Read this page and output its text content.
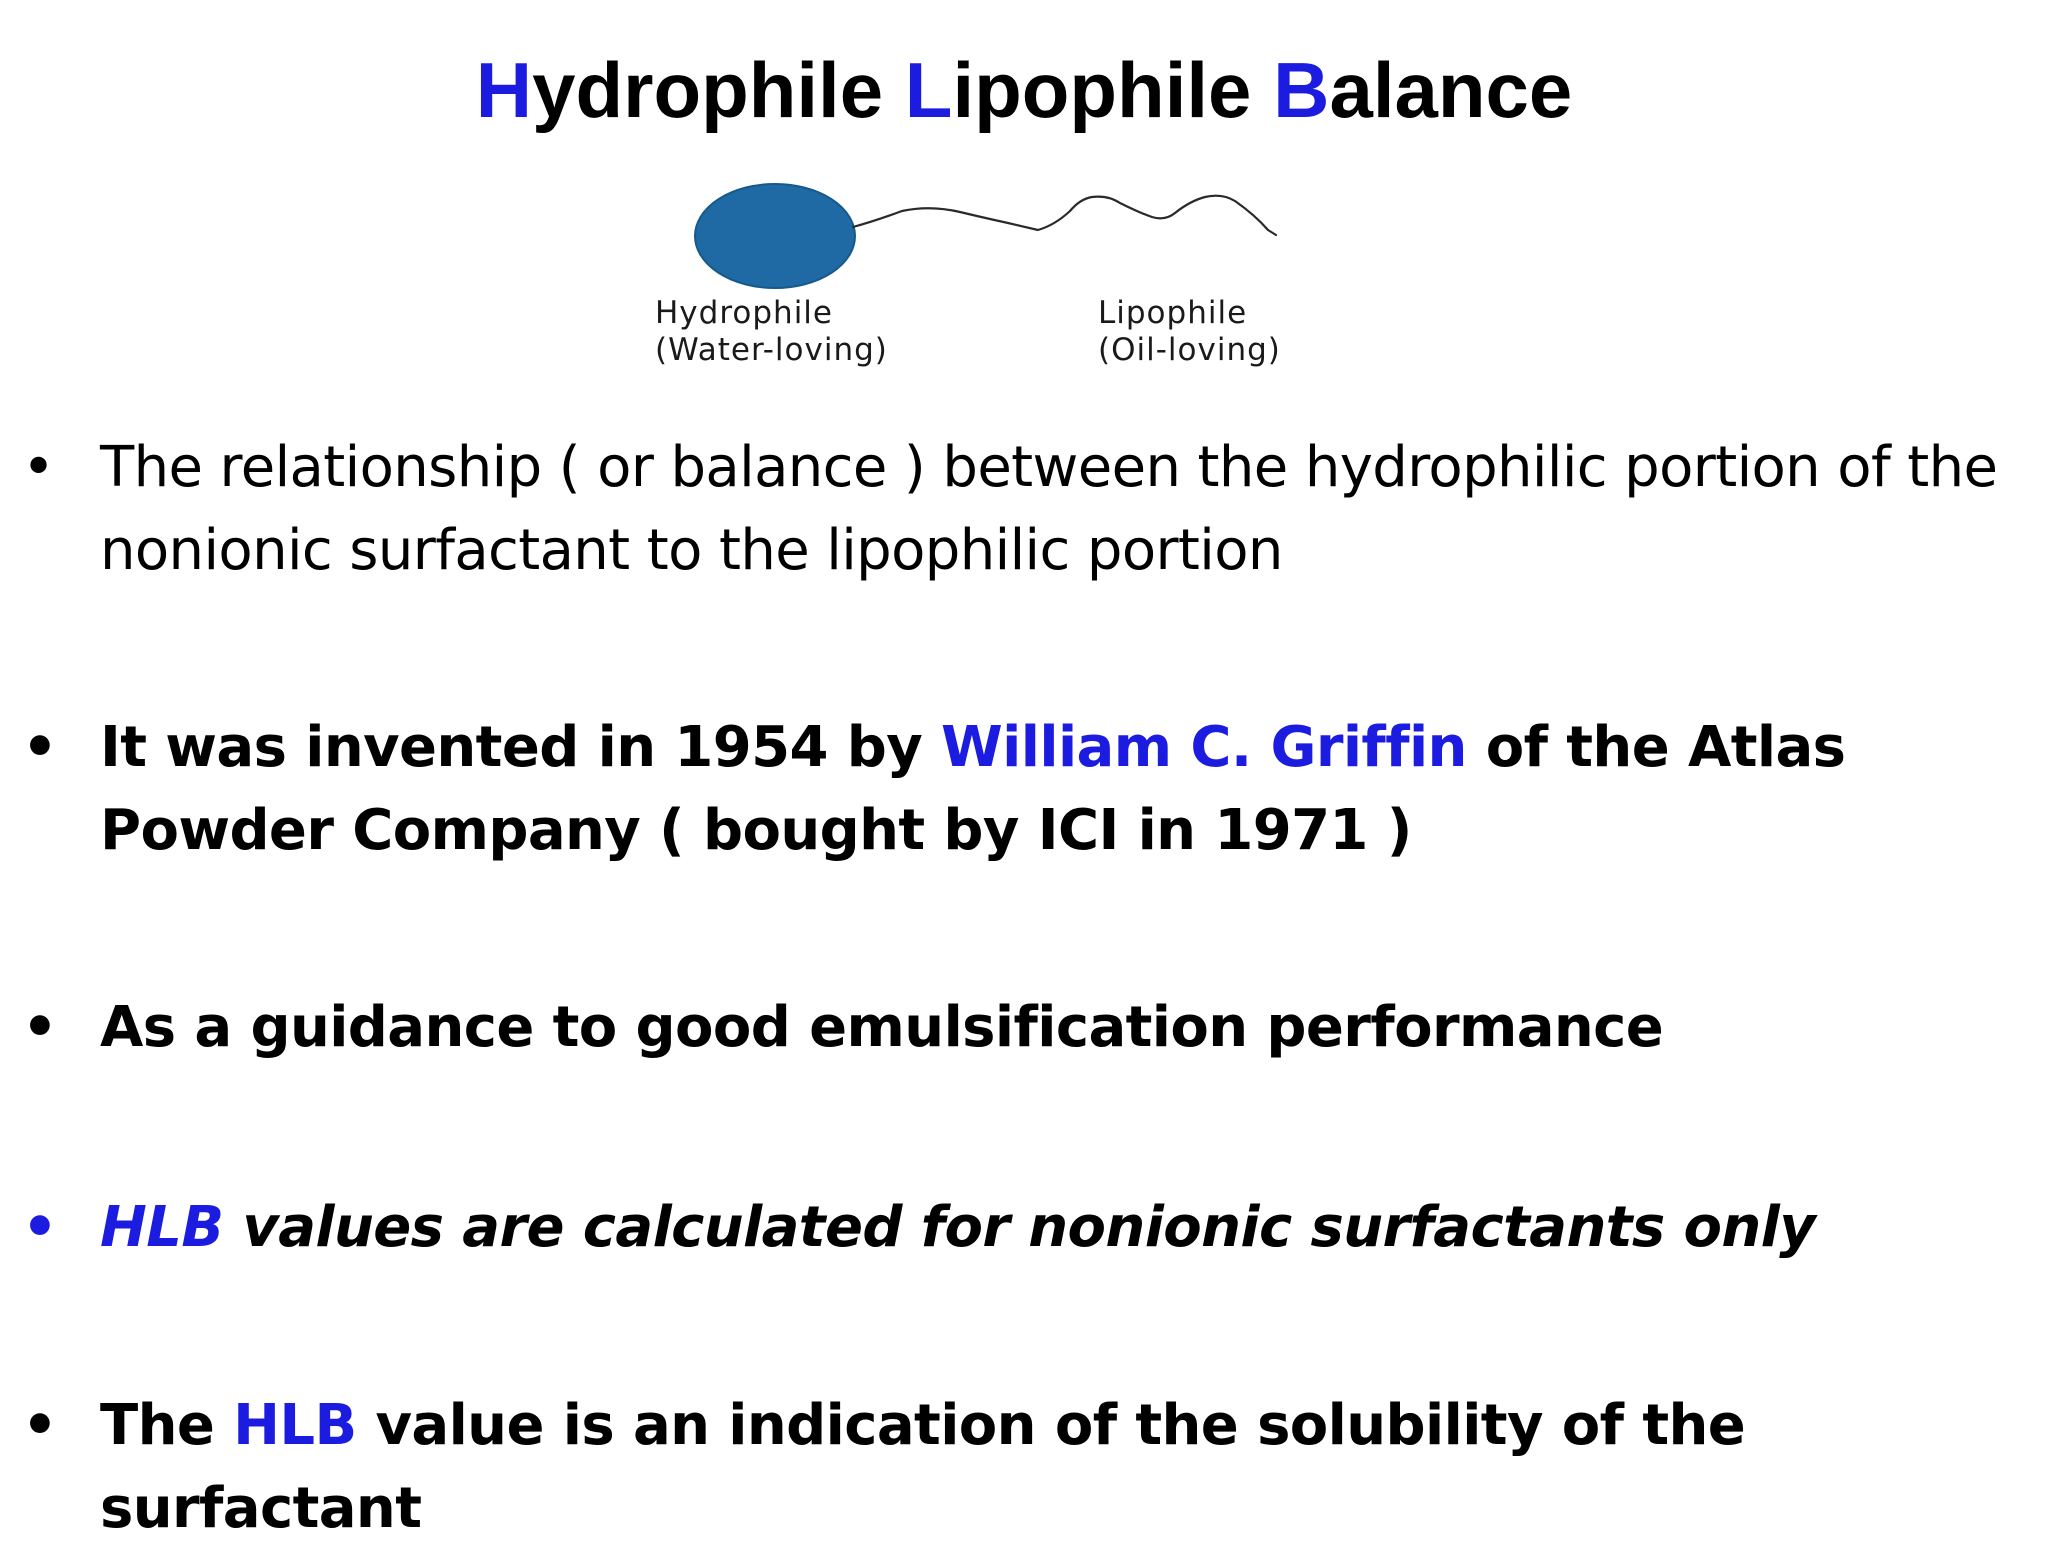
Hydrophile Lipophile Balance
Hydrophile
(Water-loving)
Lipophile
(Oil-loving)
• The relationship ( or balance ) between the hydrophilic portion of the nonionic surfactant to the lipophilic portion
• It was invented in 1954 by William C. Griffin of the Atlas Powder Company ( bought by ICI in 1971 )
• As a guidance to good emulsification performance
• HLB values are calculated for nonionic surfactants only
• The HLB value is an indication of the solubility of the surfactant
